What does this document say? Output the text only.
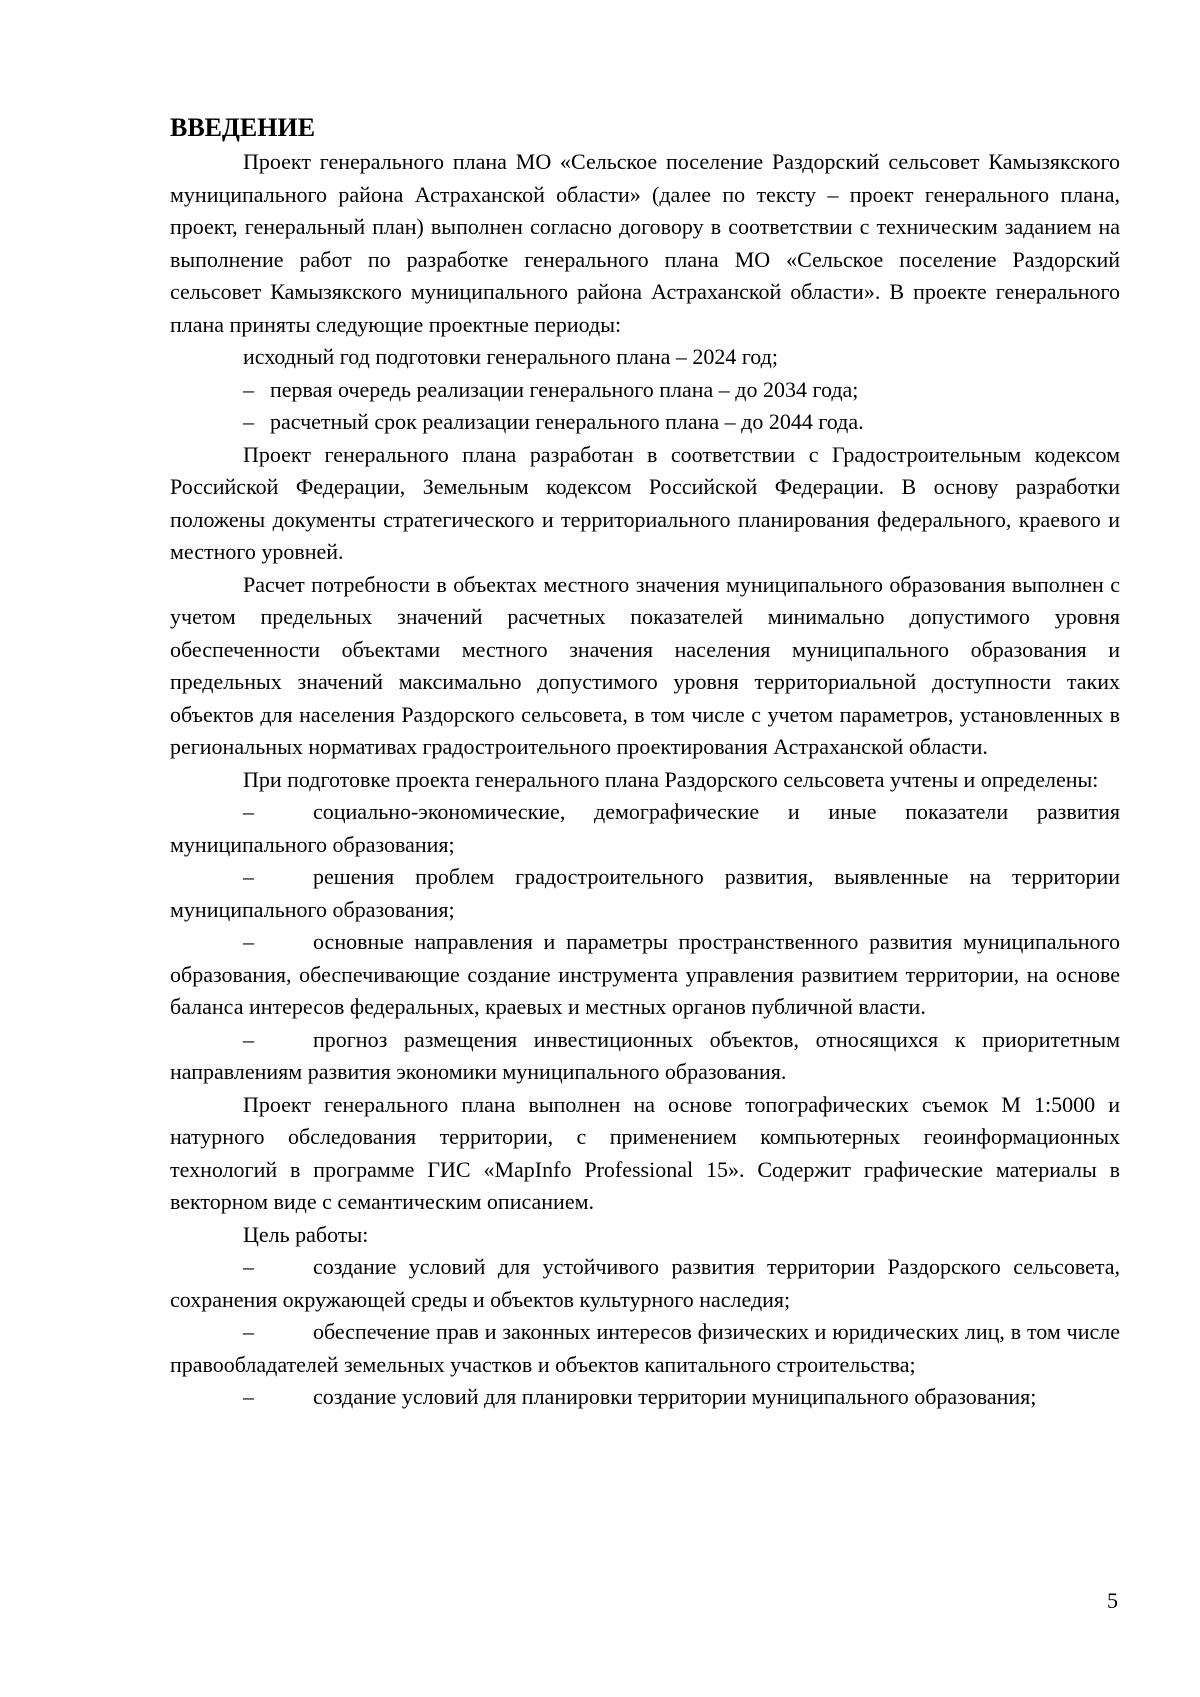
ВВЕДЕНИЕ

Проект генерального плана МО «Сельское поселение Раздорский сельсовет Камызякского муниципального района Астраханской области» (далее по тексту – проект генерального плана, проект, генеральный план) выполнен согласно договору в соответствии с техническим заданием на выполнение работ по разработке генерального плана МО «Сельское поселение Раздорский сельсовет Камызякского муниципального района Астраханской области». В проекте генерального плана приняты следующие проектные периоды:

исходный год подготовки генерального плана – 2024 год;

– первая очередь реализации генерального плана – до 2034 года;

– расчетный срок реализации генерального плана – до 2044 года.

Проект генерального плана разработан в соответствии с Градостроительным кодексом Российской Федерации, Земельным кодексом Российской Федерации. В основу разработки положены документы стратегического и территориального планирования федерального, краевого и местного уровней.

Расчет потребности в объектах местного значения муниципального образования выполнен с учетом предельных значений расчетных показателей минимально допустимого уровня обеспеченности объектами местного значения населения муниципального образования и предельных значений максимально допустимого уровня территориальной доступности таких объектов для населения Раздорского сельсовета, в том числе с учетом параметров, установленных в региональных нормативах градостроительного проектирования Астраханской области.

При подготовке проекта генерального плана Раздорского сельсовета учтены и определены:

–	социально-экономические, демографические и иные показатели развития муниципального образования;

–	решения проблем градостроительного развития, выявленные на территории муниципального образования;

–	основные направления и параметры пространственного развития муниципального образования, обеспечивающие создание инструмента управления развитием территории, на основе баланса интересов федеральных, краевых и местных органов публичной власти.

–	прогноз размещения инвестиционных объектов, относящихся к приоритетным направлениям развития экономики муниципального образования.

Проект генерального плана выполнен на основе топографических съемок М 1:5000 и натурного обследования территории, с применением компьютерных геоинформационных технологий в программе ГИС «MapInfo Professional 15». Содержит графические материалы в векторном виде с семантическим описанием.

Цель работы:

–	создание условий для устойчивого развития территории Раздорского сельсовета, сохранения окружающей среды и объектов культурного наследия;

–	обеспечение прав и законных интересов физических и юридических лиц, в том числе правообладателей земельных участков и объектов капитального строительства;

–	создание условий для планировки территории муниципального образования;

5
